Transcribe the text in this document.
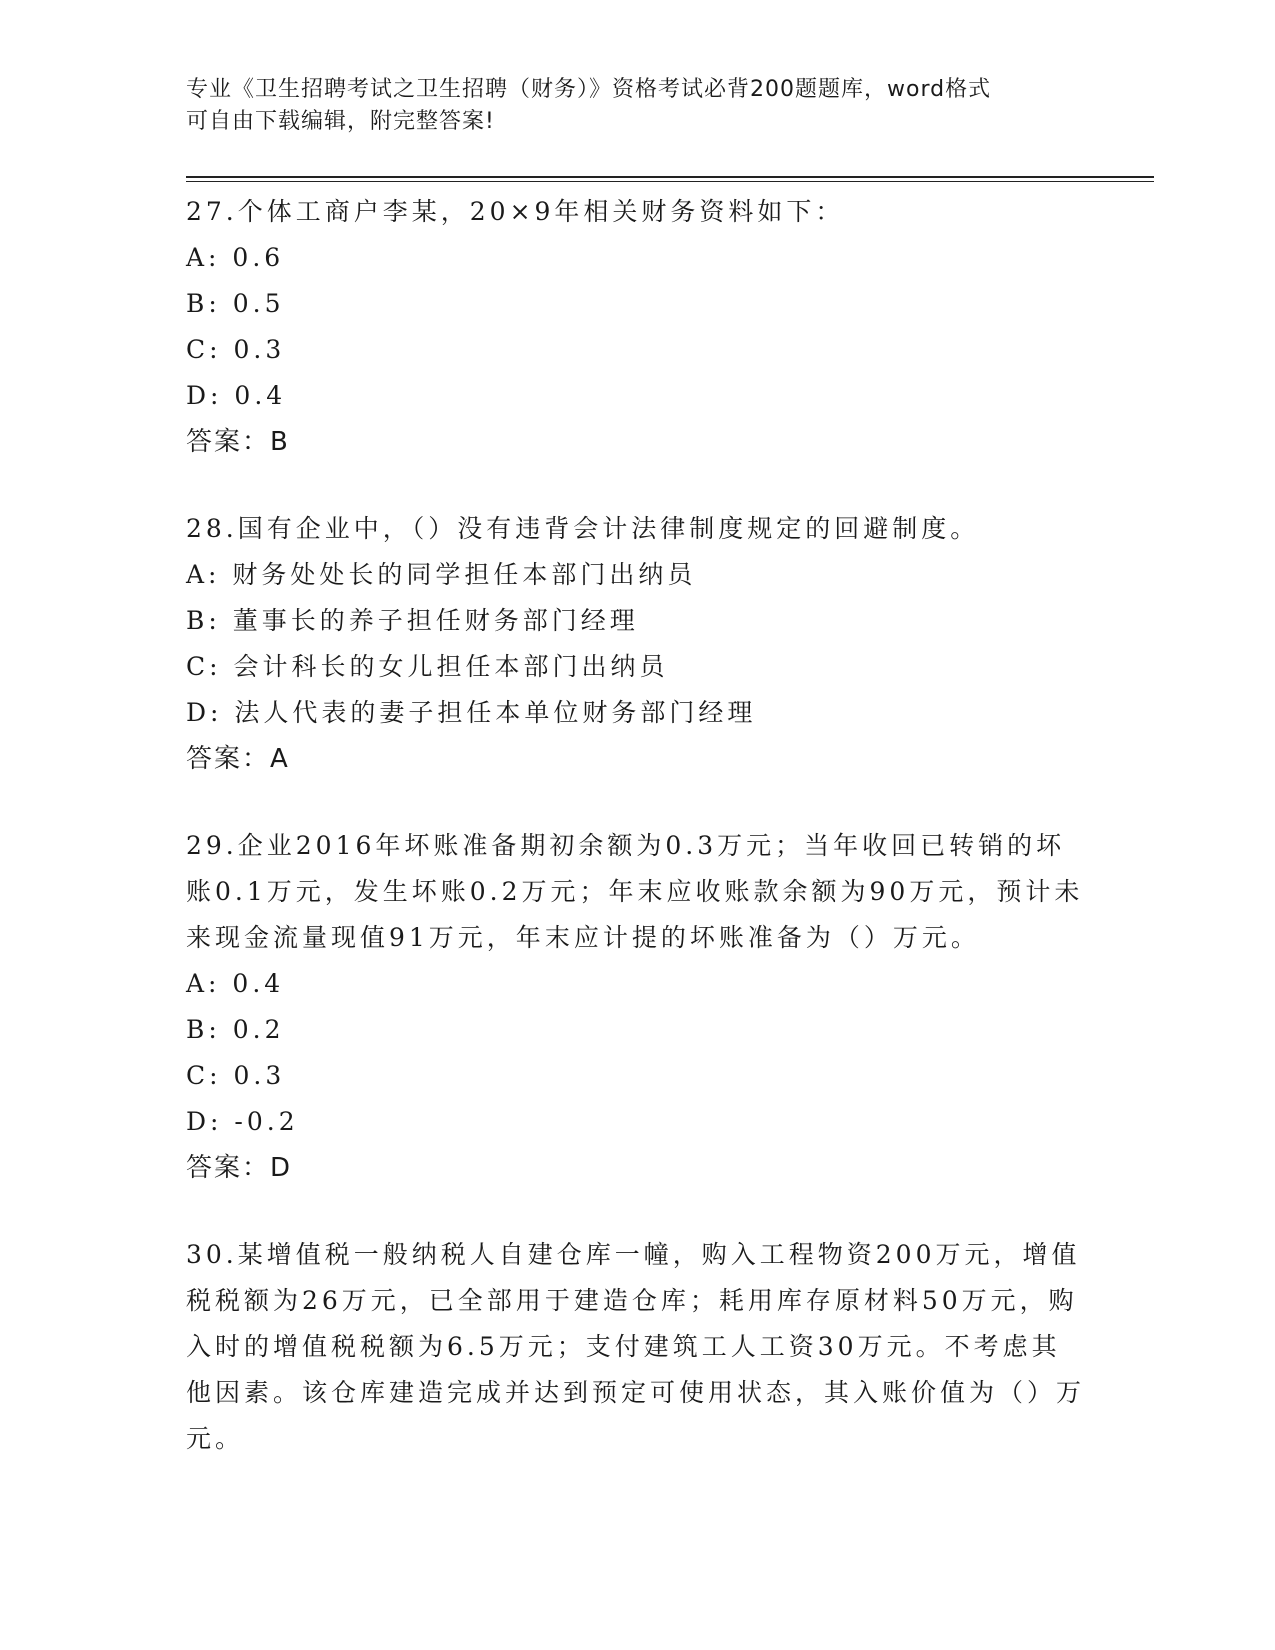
专业《卫生招聘考试之卫生招聘（财务）》资格考试必背200题题库，word格式
可自由下载编辑，附完整答案!

27.个体工商户李某，20×9年相关财务资料如下：

A: 0.6

B: 0.5

C: 0.3

D: 0.4

答案：B

28.国有企业中，（）没有违背会计法律制度规定的回避制度。

A: 财务处处长的同学担任本部门出纳员

B: 董事长的养子担任财务部门经理

C: 会计科长的女儿担任本部门出纳员

D: 法人代表的妻子担任本单位财务部门经理

答案：A

29.企业2016年坏账准备期初余额为0.3万元；当年收回已转销的坏账0.1万元，发生坏账0.2万元；年末应收账款余额为90万元，预计未来现金流量现值91万元，年末应计提的坏账准备为（）万元。

A: 0.4

B: 0.2

C: 0.3

D: -0.2

答案：D

30.某增值税一般纳税人自建仓库一幢，购入工程物资200万元，增值税税额为26万元，已全部用于建造仓库；耗用库存原材料50万元，购入时的增值税税额为6.5万元；支付建筑工人工资30万元。不考虑其他因素。该仓库建造完成并达到预定可使用状态，其入账价值为（）万元。
